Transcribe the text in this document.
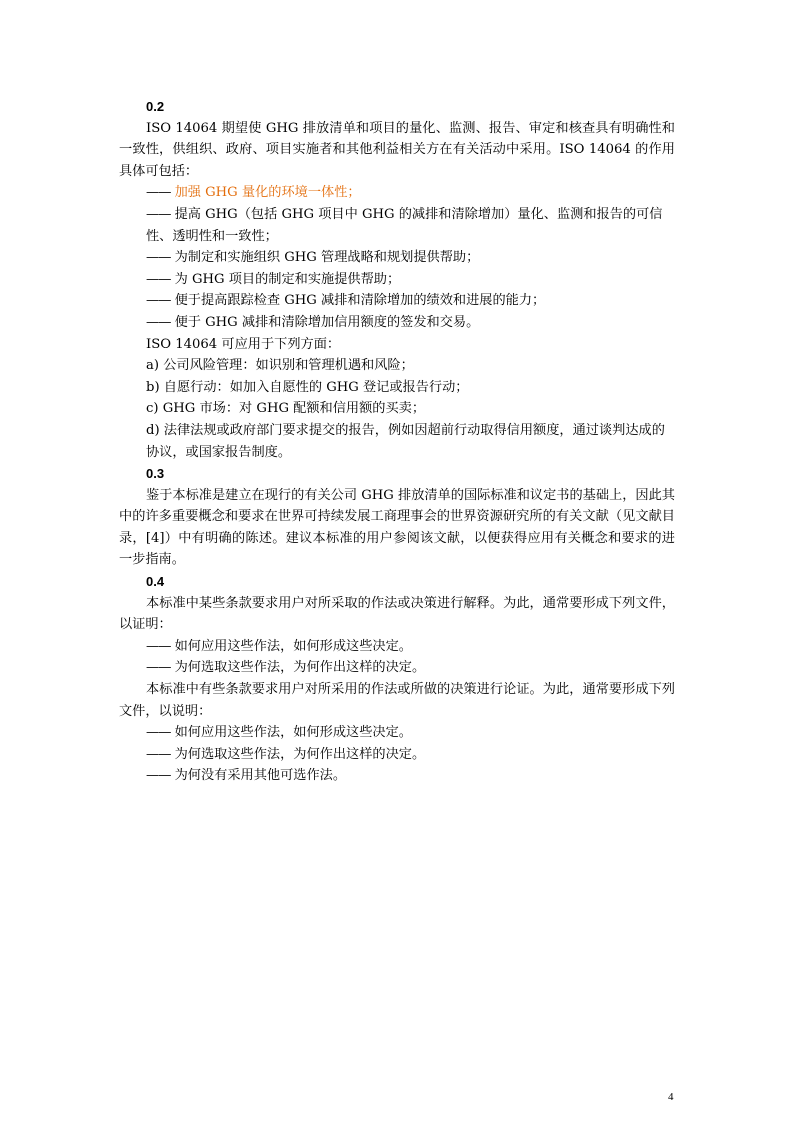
0.2

ISO 14064 期望使 GHG 排放清单和项目的量化、监测、报告、审定和核查具有明确性和一致性，供组织、政府、项目实施者和其他利益相关方在有关活动中采用。ISO 14064 的作用具体可包括：

—— 加强 GHG 量化的环境一体性；

—— 提高 GHG（包括 GHG 项目中 GHG 的减排和清除增加）量化、监测和报告的可信性、透明性和一致性；

—— 为制定和实施组织 GHG 管理战略和规划提供帮助；

—— 为 GHG 项目的制定和实施提供帮助；

—— 便于提高跟踪检查 GHG 减排和清除增加的绩效和进展的能力；

—— 便于 GHG 减排和清除增加信用额度的签发和交易。

ISO 14064 可应用于下列方面：

a) 公司风险管理：如识别和管理机遇和风险；

b) 自愿行动：如加入自愿性的 GHG 登记或报告行动；

c) GHG 市场：对 GHG 配额和信用额的买卖；

d) 法律法规或政府部门要求提交的报告，例如因超前行动取得信用额度，通过谈判达成的协议，或国家报告制度。

0.3

鉴于本标准是建立在现行的有关公司 GHG 排放清单的国际标准和议定书的基础上，因此其中的许多重要概念和要求在世界可持续发展工商理事会的世界资源研究所的有关文献（见文献目录，[4]）中有明确的陈述。建议本标准的用户参阅该文献，以便获得应用有关概念和要求的进一步指南。

0.4

本标准中某些条款要求用户对所采取的作法或决策进行解释。为此，通常要形成下列文件，以证明：

—— 如何应用这些作法，如何形成这些决定。

—— 为何选取这些作法，为何作出这样的决定。

本标准中有些条款要求用户对所采用的作法或所做的决策进行论证。为此，通常要形成下列文件，以说明：

—— 如何应用这些作法，如何形成这些决定。

—— 为何选取这些作法，为何作出这样的决定。

—— 为何没有采用其他可选作法。

4
